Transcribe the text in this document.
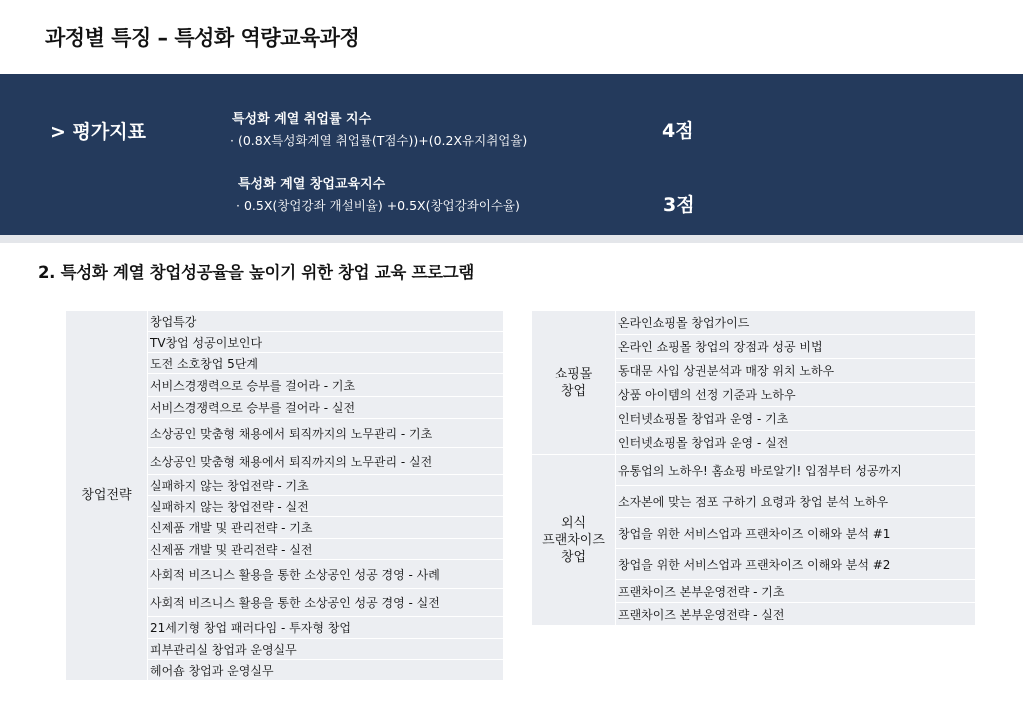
과정별 특징 – 특성화 역량교육과정
> 평가지표
특성화 계열 취업률 지수
· (0.8X특성화계열 취업률(T점수))+(0.2X유지취업율)	4점
특성화 계열 창업교육지수
· 0.5X(창업강좌 개설비율) +0.5X(창업강좌이수율)	3점
2. 특성화 계열 창업성공율을 높이기 위한 창업 교육 프로그램
창업전략	창업특강
TV창업 성공이보인다
도전 소호창업 5단계
서비스경쟁력으로 승부를 걸어라 - 기초
서비스경쟁력으로 승부를 걸어라 - 실전
소상공인 맞춤형 채용에서 퇴직까지의 노무관리 - 기초
소상공인 맞춤형 채용에서 퇴직까지의 노무관리 - 실전
실패하지 않는 창업전략 - 기초
실패하지 않는 창업전략 - 실전
신제품 개발 및 관리전략 - 기초
신제품 개발 및 관리전략 - 실전
사회적 비즈니스 활용을 통한 소상공인 성공 경영 - 사례
사회적 비즈니스 활용을 통한 소상공인 성공 경영 - 실전
21세기형 창업 패러다임 - 투자형 창업
피부관리실 창업과 운영실무
헤어숍 창업과 운영실무
쇼핑몰
창업	온라인쇼핑몰 창업가이드
	온라인 쇼핑몰 창업의 장점과 성공 비법
	동대문 사입 상권분석과 매장 위치 노하우
	상품 아이템의 선정 기준과 노하우
	인터넷쇼핑몰 창업과 운영 - 기초
	인터넷쇼핑몰 창업과 운영 - 실전

외식
프랜차이즈
창업	유통업의 노하우! 홈쇼핑 바로알기! 입점부터 성공까지
	소자본에 맞는 점포 구하기 요령과 창업 분석 노하우
	창업을 위한 서비스업과 프랜차이즈 이해와 분석 #1
	창업을 위한 서비스업과 프랜차이즈 이해와 분석 #2
	프랜차이즈 본부운영전략 - 기초
	프랜차이즈 본부운영전략 - 실전
